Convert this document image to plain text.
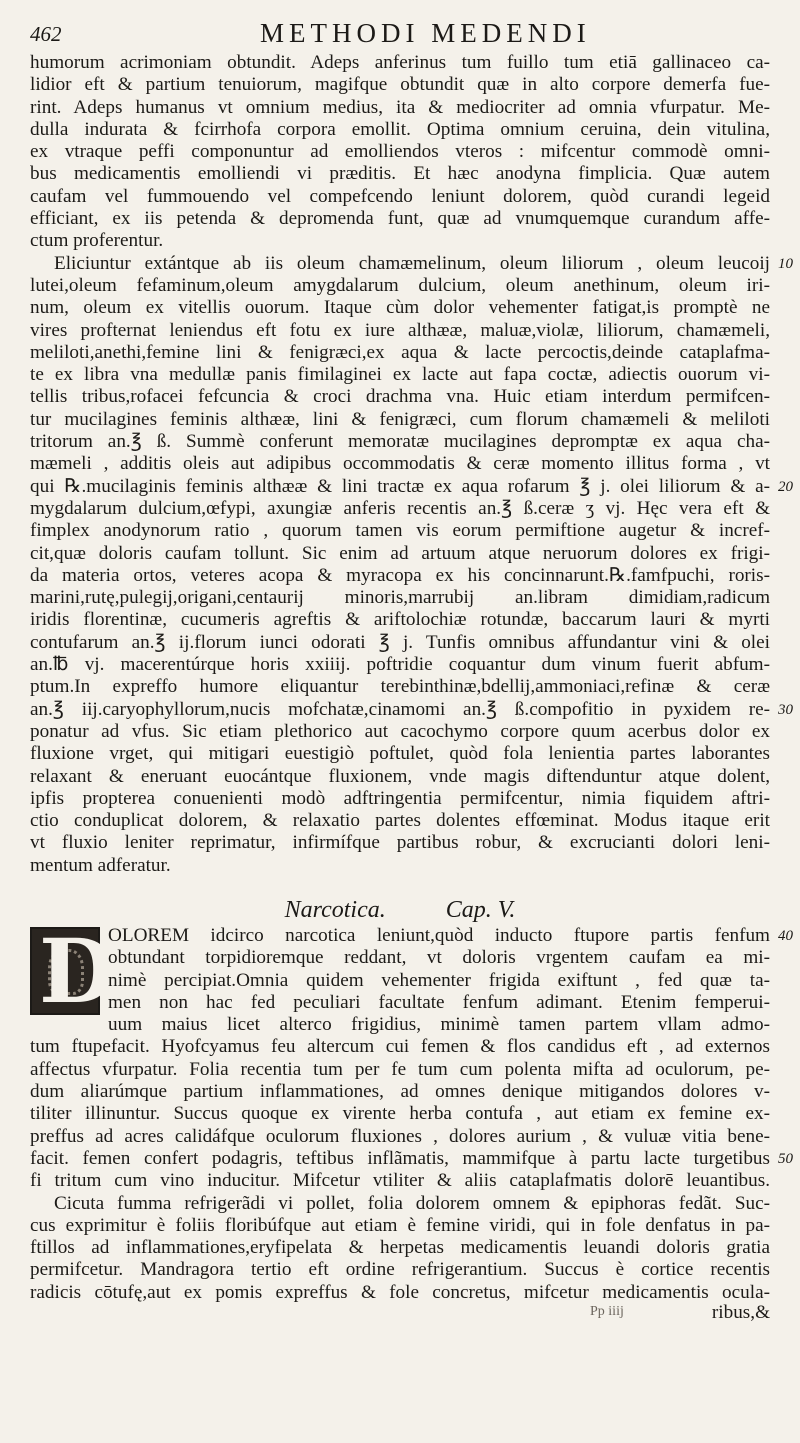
462	METHODI MEDENDI
humorum acrimoniam obtundit. Adeps anferinus tum fuillo tum etiā gallinaceo ca-
lidior eft & partium tenuiorum, magifque obtundit quæ in alto corpore demerfa fue-
rint. Adeps humanus vt omnium medius, ita & mediocriter ad omnia vfurpatur. Me-
dulla indurata & fcirrhofa corpora emollit. Optima omnium ceruina, dein vitulina,
ex vtraque peffi componuntur ad emolliendos vteros : mifcentur commodè omni-
bus medicamentis emolliendi vi præditis. Et hæc anodyna fimplicia. Quæ autem
caufam vel fummouendo vel compefcendo leniunt dolorem, quòd curandi legeid
efficiant, ex iis petenda & depromenda funt, quæ ad vnumquemque curandum affe-
ctum proferentur.
Eliciuntur extántque ab iis oleum chamæmelinum, oleum liliorum , oleum leucoij 10
lutei,oleum fefaminum,oleum amygdalarum dulcium, oleum anethinum, oleum iri-
num, oleum ex vitellis ouorum. Itaque cùm dolor vehementer fatigat,is promptè ne
vires profternat leniendus eft fotu ex iure althææ, maluæ,violæ, liliorum, chamæmeli,
meliloti,anethi,femine lini & fenigræci,ex aqua & lacte percoctis,deinde cataplafma-
te ex libra vna medullæ panis fimilaginei ex lacte aut fapa coctæ, adiectis ouorum vi-
tellis tribus,rofacei fefcuncia & croci drachma vna. Huic etiam interdum permifcen-
tur mucilagines feminis althææ, lini & fenigræci, cum florum chamæmeli & meliloti
tritorum an.℥ ß. Summè conferunt memoratæ mucilagines depromptæ ex aqua cha-
mæmeli , additis oleis aut adipibus occommodatis & ceræ momento illitus forma , vt
qui ℞.mucilaginis feminis althææ & lini tractæ ex aqua rofarum ℥ j. olei liliorum & a- 20
mygdalarum dulcium,œfypi, axungiæ anferis recentis an.℥ ß.ceræ ʒ vj. Hęc vera eft &
fimplex anodynorum ratio , quorum tamen vis eorum permiftione augetur & incref-
cit,quæ doloris caufam tollunt. Sic enim ad artuum atque neruorum dolores ex frigi-
da materia ortos, veteres acopa & myracopa ex his concinnarunt.℞.famfpuchi, roris-
marini,rutę,pulegij,origani,centaurij minoris,marrubij an.libram dimidiam,radicum
iridis florentinæ, cucumeris agreftis & ariftolochiæ rotundæ, baccarum lauri & myrti
contufarum an.℥ ij.florum iunci odorati ℥ j. Tunfis omnibus affundantur vini & olei
an.℔ vj. macerentúrque horis xxiiij. poftridie coquantur dum vinum fuerit abfum-
ptum.In expreffo humore eliquantur terebinthinæ,bdellij,ammoniaci,refinæ & ceræ
an.℥ iij.caryophyllorum,nucis mofchatæ,cinamomi an.℥ ß.compofitio in pyxidem re- 30
ponatur ad vfus. Sic etiam plethorico aut cacochymo corpore quum acerbus dolor ex
fluxione vrget, qui mitigari euestigiò poftulet, quòd fola lenientia partes laborantes
relaxant & eneruant euocántque fluxionem, vnde magis diftenduntur atque dolent,
ipfis propterea conuenienti modò adftringentia permifcentur, nimia fiquidem aftri-
ctio conduplicat dolorem, & relaxatio partes dolentes effœminat. Modus itaque erit
vt fluxio leniter reprimatur, infirmífque partibus robur, & excrucianti dolori leni-
mentum adferatur.
Narcotica.	Cap. V.
D
OLOREM idcirco narcotica leniunt,quòd inducto ftupore partis fenfum 40
obtundant torpidioremque reddant, vt doloris vrgentem caufam ea mi-
nimè percipiat.Omnia quidem vehementer frigida exiftunt , fed quæ ta-
men non hac fed peculiari facultate fenfum adimant. Etenim femperui-
uum maius licet alterco frigidius, minimè tamen partem vllam admo-
tum ftupefacit. Hyofcyamus feu altercum cui femen & flos candidus eft , ad externos
affectus vfurpatur. Folia recentia tum per fe tum cum polenta mifta ad oculorum, pe-
dum aliarúmque partium inflammationes, ad omnes denique mitigandos dolores v-
tiliter illinuntur. Succus quoque ex virente herba contufa , aut etiam ex femine ex-
preffus ad acres calidáfque oculorum fluxiones , dolores aurium , & vuluæ vitia bene-
facit. femen confert podagris, teftibus inflãmatis, mammifque à partu lacte turgetibus 50
fi tritum cum vino inducitur. Mifcetur vtiliter & aliis cataplafmatis dolorē leuantibus.
Cicuta fumma refrigerãdi vi pollet, folia dolorem omnem & epiphoras fedãt. Suc-
cus exprimitur è foliis floribúfque aut etiam è femine viridi, qui in fole denfatus in pa-
ftillos ad inflammationes,eryfipelata & herpetas medicamentis leuandi doloris gratia
permifcetur. Mandragora tertio eft ordine refrigerantium. Succus è cortice recentis
radicis cōtufę,aut ex pomis expreffus & fole concretus, mifcetur medicamentis ocula-
Pp iiij	ribus,&
